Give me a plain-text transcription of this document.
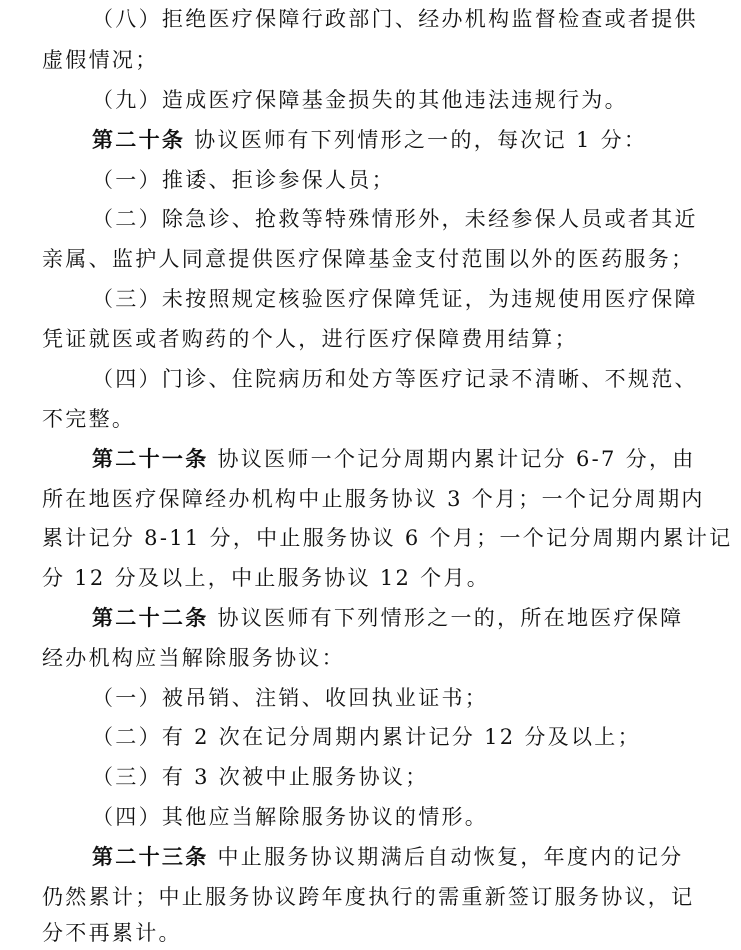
（八）拒绝医疗保障行政部门、经办机构监督检查或者提供
虚假情况；
（九）造成医疗保障基金损失的其他违法违规行为。
第二十条 协议医师有下列情形之一的，每次记 1 分：
（一）推诿、拒诊参保人员；
（二）除急诊、抢救等特殊情形外，未经参保人员或者其近
亲属、监护人同意提供医疗保障基金支付范围以外的医药服务；
（三）未按照规定核验医疗保障凭证，为违规使用医疗保障
凭证就医或者购药的个人，进行医疗保障费用结算；
（四）门诊、住院病历和处方等医疗记录不清晰、不规范、
不完整。
第二十一条 协议医师一个记分周期内累计记分 6-7 分，由
所在地医疗保障经办机构中止服务协议 3 个月；一个记分周期内
累计记分 8-11 分，中止服务协议 6 个月；一个记分周期内累计记
分 12 分及以上，中止服务协议 12 个月。
第二十二条 协议医师有下列情形之一的，所在地医疗保障
经办机构应当解除服务协议：
（一）被吊销、注销、收回执业证书；
（二）有 2 次在记分周期内累计记分 12 分及以上；
（三）有 3 次被中止服务协议；
（四）其他应当解除服务协议的情形。
第二十三条 中止服务协议期满后自动恢复，年度内的记分
仍然累计；中止服务协议跨年度执行的需重新签订服务协议，记
分不再累计。
